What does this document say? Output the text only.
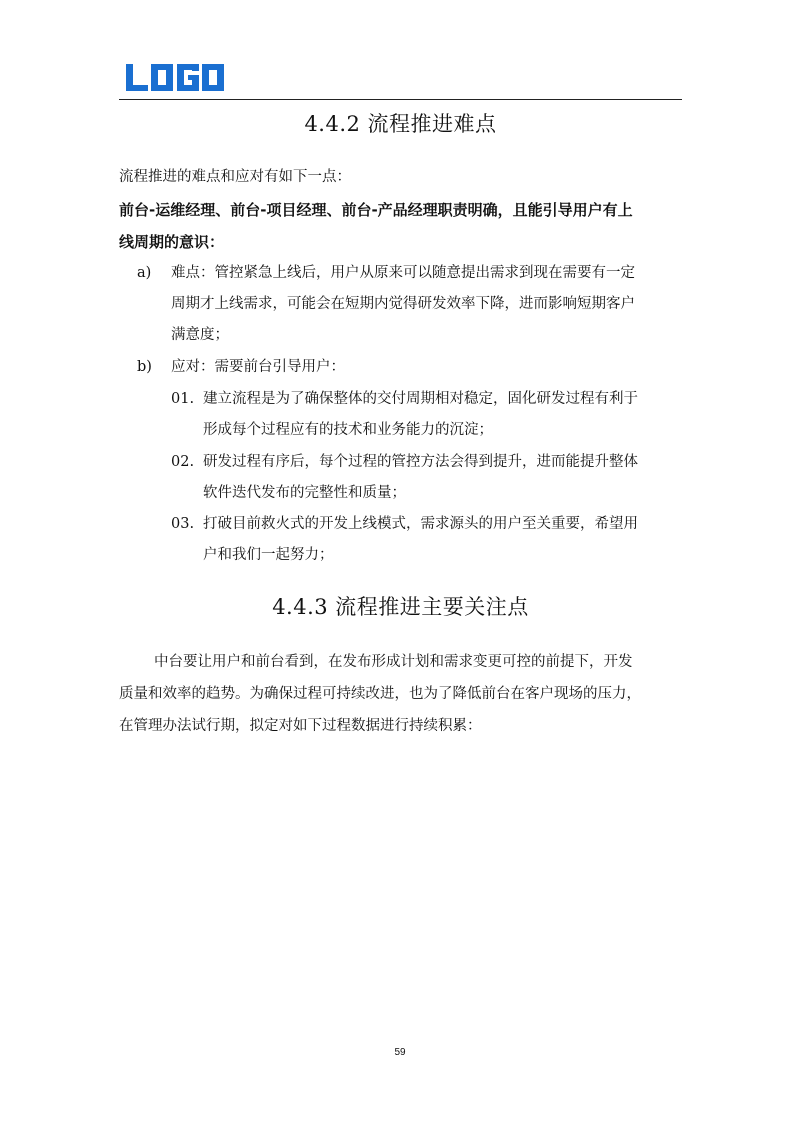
LOGO
4.4.2 流程推进难点
流程推进的难点和应对有如下一点：
前台-运维经理、前台-项目经理、前台-产品经理职责明确，且能引导用户有上
线周期的意识：
a) 难点：管控紧急上线后，用户从原来可以随意提出需求到现在需要有一定
周期才上线需求，可能会在短期内觉得研发效率下降，进而影响短期客户
满意度；
b) 应对：需要前台引导用户：
01. 建立流程是为了确保整体的交付周期相对稳定，固化研发过程有利于
形成每个过程应有的技术和业务能力的沉淀；
02. 研发过程有序后，每个过程的管控方法会得到提升，进而能提升整体
软件迭代发布的完整性和质量；
03. 打破目前救火式的开发上线模式，需求源头的用户至关重要，希望用
户和我们一起努力；
4.4.3 流程推进主要关注点
中台要让用户和前台看到，在发布形成计划和需求变更可控的前提下，开发
质量和效率的趋势。为确保过程可持续改进，也为了降低前台在客户现场的压力，
在管理办法试行期，拟定对如下过程数据进行持续积累：
59
